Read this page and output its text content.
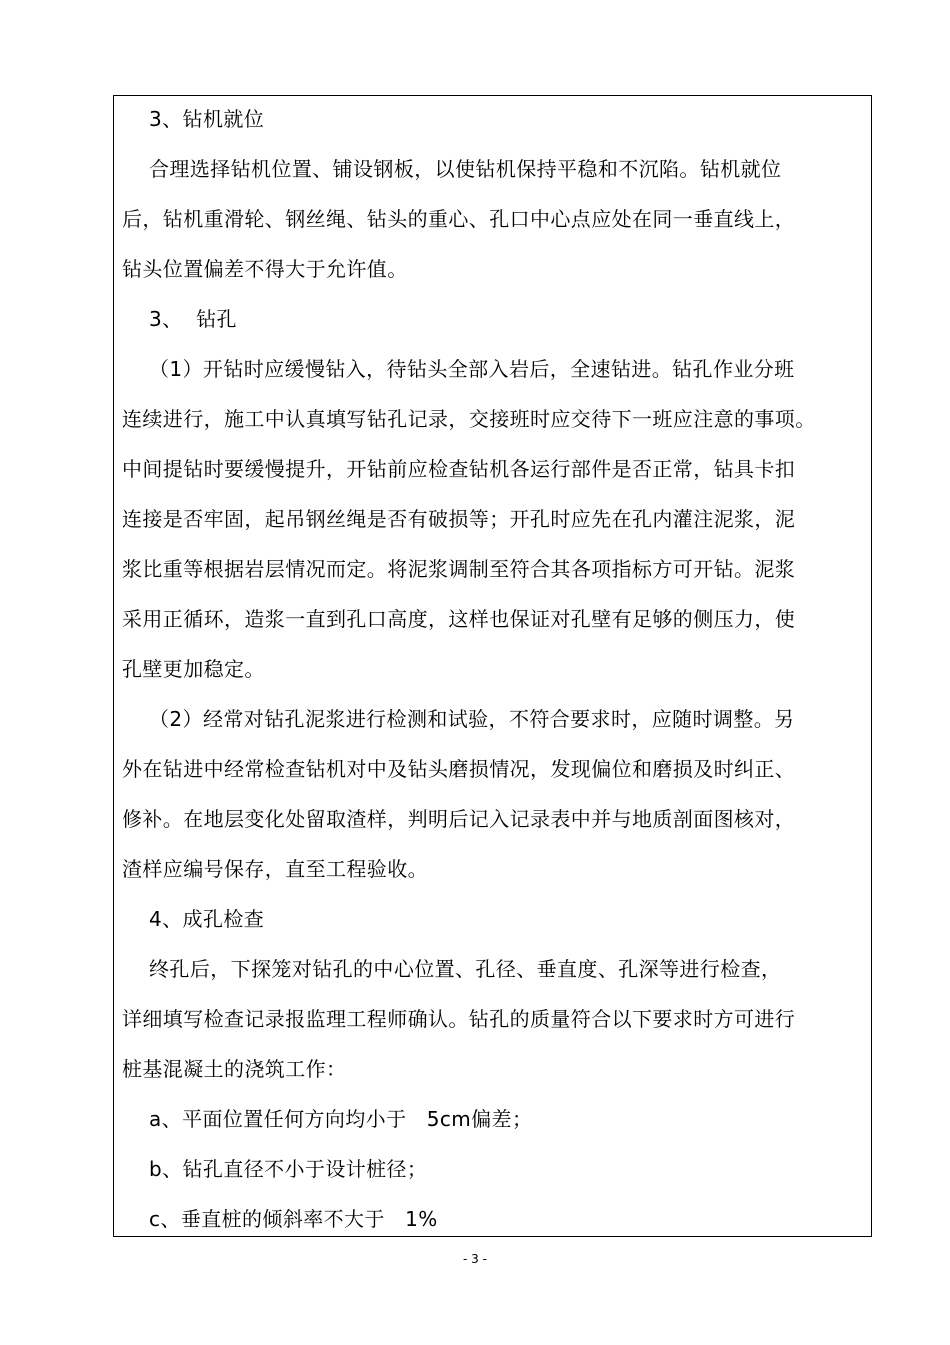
3、钻机就位
合理选择钻机位置、铺设钢板，以使钻机保持平稳和不沉陷。钻机就位
后，钻机重滑轮、钢丝绳、钻头的重心、孔口中心点应处在同一垂直线上，
钻头位置偏差不得大于允许值。
3、  钻孔
（1）开钻时应缓慢钻入，待钻头全部入岩后，全速钻进。钻孔作业分班
连续进行，施工中认真填写钻孔记录，交接班时应交待下一班应注意的事项。
中间提钻时要缓慢提升，开钻前应检查钻机各运行部件是否正常，钻具卡扣
连接是否牢固，起吊钢丝绳是否有破损等；开孔时应先在孔内灌注泥浆，泥
浆比重等根据岩层情况而定。将泥浆调制至符合其各项指标方可开钻。泥浆
采用正循环，造浆一直到孔口高度，这样也保证对孔壁有足够的侧压力，使
孔壁更加稳定。
（2）经常对钻孔泥浆进行检测和试验，不符合要求时，应随时调整。另
外在钻进中经常检查钻机对中及钻头磨损情况，发现偏位和磨损及时纠正、
修补。在地层变化处留取渣样，判明后记入记录表中并与地质剖面图核对，
渣样应编号保存，直至工程验收。
4、成孔检查
终孔后，下探笼对钻孔的中心位置、孔径、垂直度、孔深等进行检查，
详细填写检查记录报监理工程师确认。钻孔的质量符合以下要求时方可进行
桩基混凝土的浇筑工作：
a、平面位置任何方向均小于   5cm偏差；
b、钻孔直径不小于设计桩径；
c、垂直桩的倾斜率不大于   1%
- 3 -
